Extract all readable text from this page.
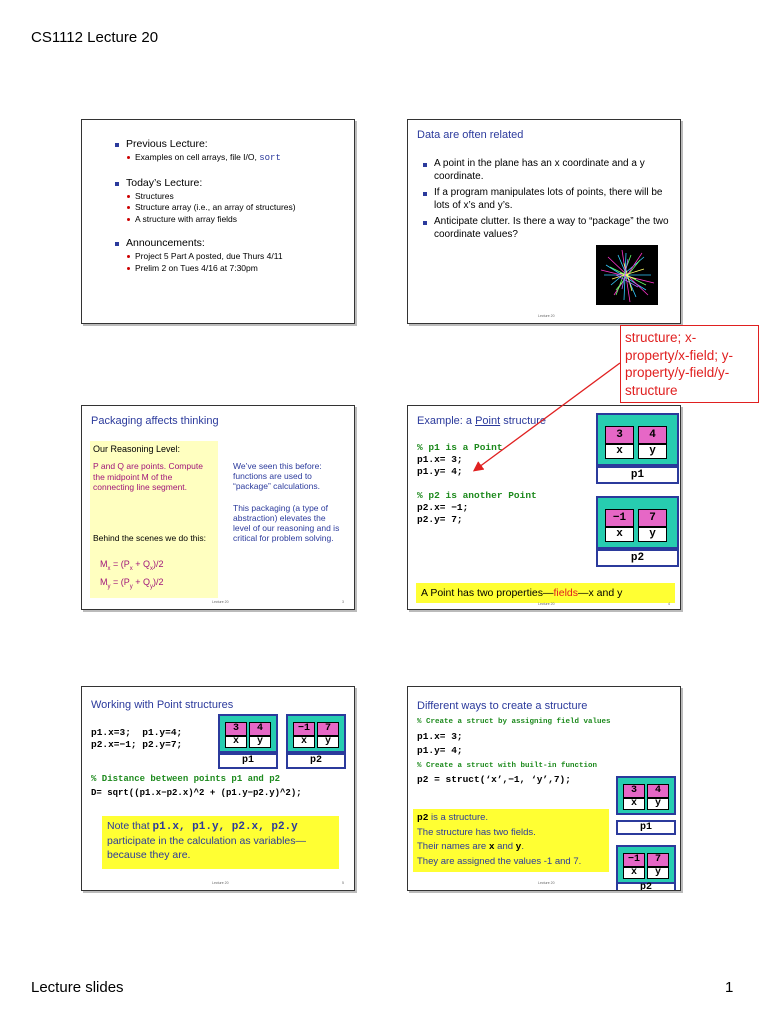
CS1112 Lecture 20
Previous Lecture:
Examples on cell arrays, file I/O, sort
Today’s Lecture:
Structures
Structure array (i.e., an array of structures)
A structure with array fields
Announcements:
Project 5 Part A posted, due Thurs 4/11
Prelim 2 on Tues 4/16 at 7:30pm
Data are often related
A point in the plane has an x coordinate and a y coordinate.
If a program manipulates lots of points, there will be lots of x’s and y’s.
Anticipate clutter. Is there a way to “package” the two coordinate values?
Lecture 20
Packaging affects thinking
Our Reasoning Level:
P and Q are points. Compute the midpoint M of the connecting line segment.
Behind the scenes we do this:
$M_x = (P_x + Q_x)/2$
$M_y = (P_y + Q_y)/2$
We’ve seen this before: functions are used to “package” calculations.
This packaging (a type of abstraction) elevates the level of our reasoning and is critical for problem solving.
Lecture 20	3
Example: a Point structure
% p1 is a Point
p1.x= 3;
p1.y= 4;
% p2 is another Point
p2.x= −1;
p2.y= 7;
3	4
x	y
p1
−1	7
x	y
p2
A Point has two properties—fields—x and y
Lecture 20	4
Working with Point structures
p1.x=3;  p1.y=4;
p2.x=−1; p2.y=7;
3	4
x	y
p1
−1	7
x	y
p2
% Distance between points p1 and p2
D= sqrt((p1.x−p2.x)^2 + (p1.y−p2.y)^2);
Note that p1.x, p1.y, p2.x, p2.y participate in the calculation as variables—because they are.
Lecture 20	5
Different ways to create a structure
% Create a struct by assigning field values
p1.x= 3;
p1.y= 4;
% Create a struct with built-in function
p2 = struct(‘x’,−1, ‘y’,7);
3	4
x	y
p1
−1	7
x	y
p2
p2 is a structure.
The structure has two fields.
Their names are x and y.
They are assigned the values -1 and 7.
Lecture 20
structure; x-property/x-field; y-property/y-field/y-structure
Lecture slides	1
